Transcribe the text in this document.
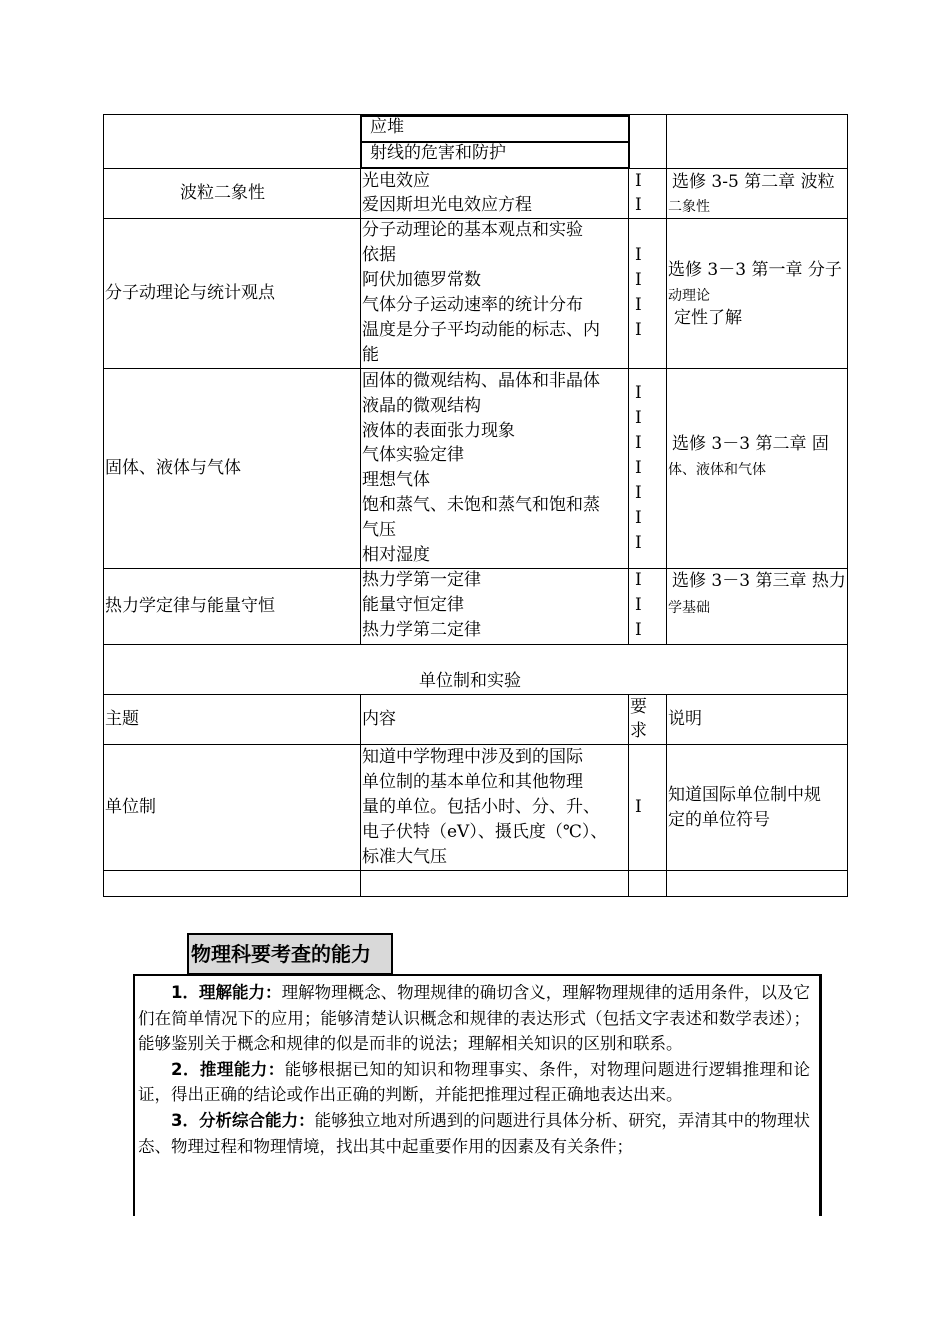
应堆
射线的危害和防护
波粒二象性
光电效应
爱因斯坦光电效应方程
I
I
选修 3-5 第二章 波粒
二象性
分子动理论与统计观点
分子动理论的基本观点和实验
依据
阿伏加德罗常数
气体分子运动速率的统计分布
温度是分子平均动能的标志、内
能
I
I
I
I
选修 3－3 第一章 分子
动理论
定性了解
固体、液体与气体
固体的微观结构、晶体和非晶体
液晶的微观结构
液体的表面张力现象
气体实验定律
理想气体
饱和蒸气、未饱和蒸气和饱和蒸
气压
相对湿度
I
I
I
I
I
I
I
选修 3－3 第二章 固
体、液体和气体
热力学定律与能量守恒
热力学第一定律
能量守恒定律
热力学第二定律
I
I
I
选修 3－3 第三章 热力
学基础
单位制和实验
主题	内容
要
求
说明
单位制
知道中学物理中涉及到的国际
单位制的基本单位和其他物理
量的单位。包括小时、分、升、
电子伏特（eV）、摄氏度（℃）、
标准大气压
I
知道国际单位制中规
定的单位符号
物理科要考查的能力

1．理解能力：理解物理概念、物理规律的确切含义，理解物理规律的适用条件，以及它们在简单情况下的应用；能够清楚认识概念和规律的表达形式（包括文字表述和数学表述）；能够鉴别关于概念和规律的似是而非的说法；理解相关知识的区别和联系。

2．推理能力：能够根据已知的知识和物理事实、条件，对物理问题进行逻辑推理和论证，得出正确的结论或作出正确的判断，并能把推理过程正确地表达出来。

3．分析综合能力：能够独立地对所遇到的问题进行具体分析、研究，弄清其中的物理状态、物理过程和物理情境，找出其中起重要作用的因素及有关条件；
